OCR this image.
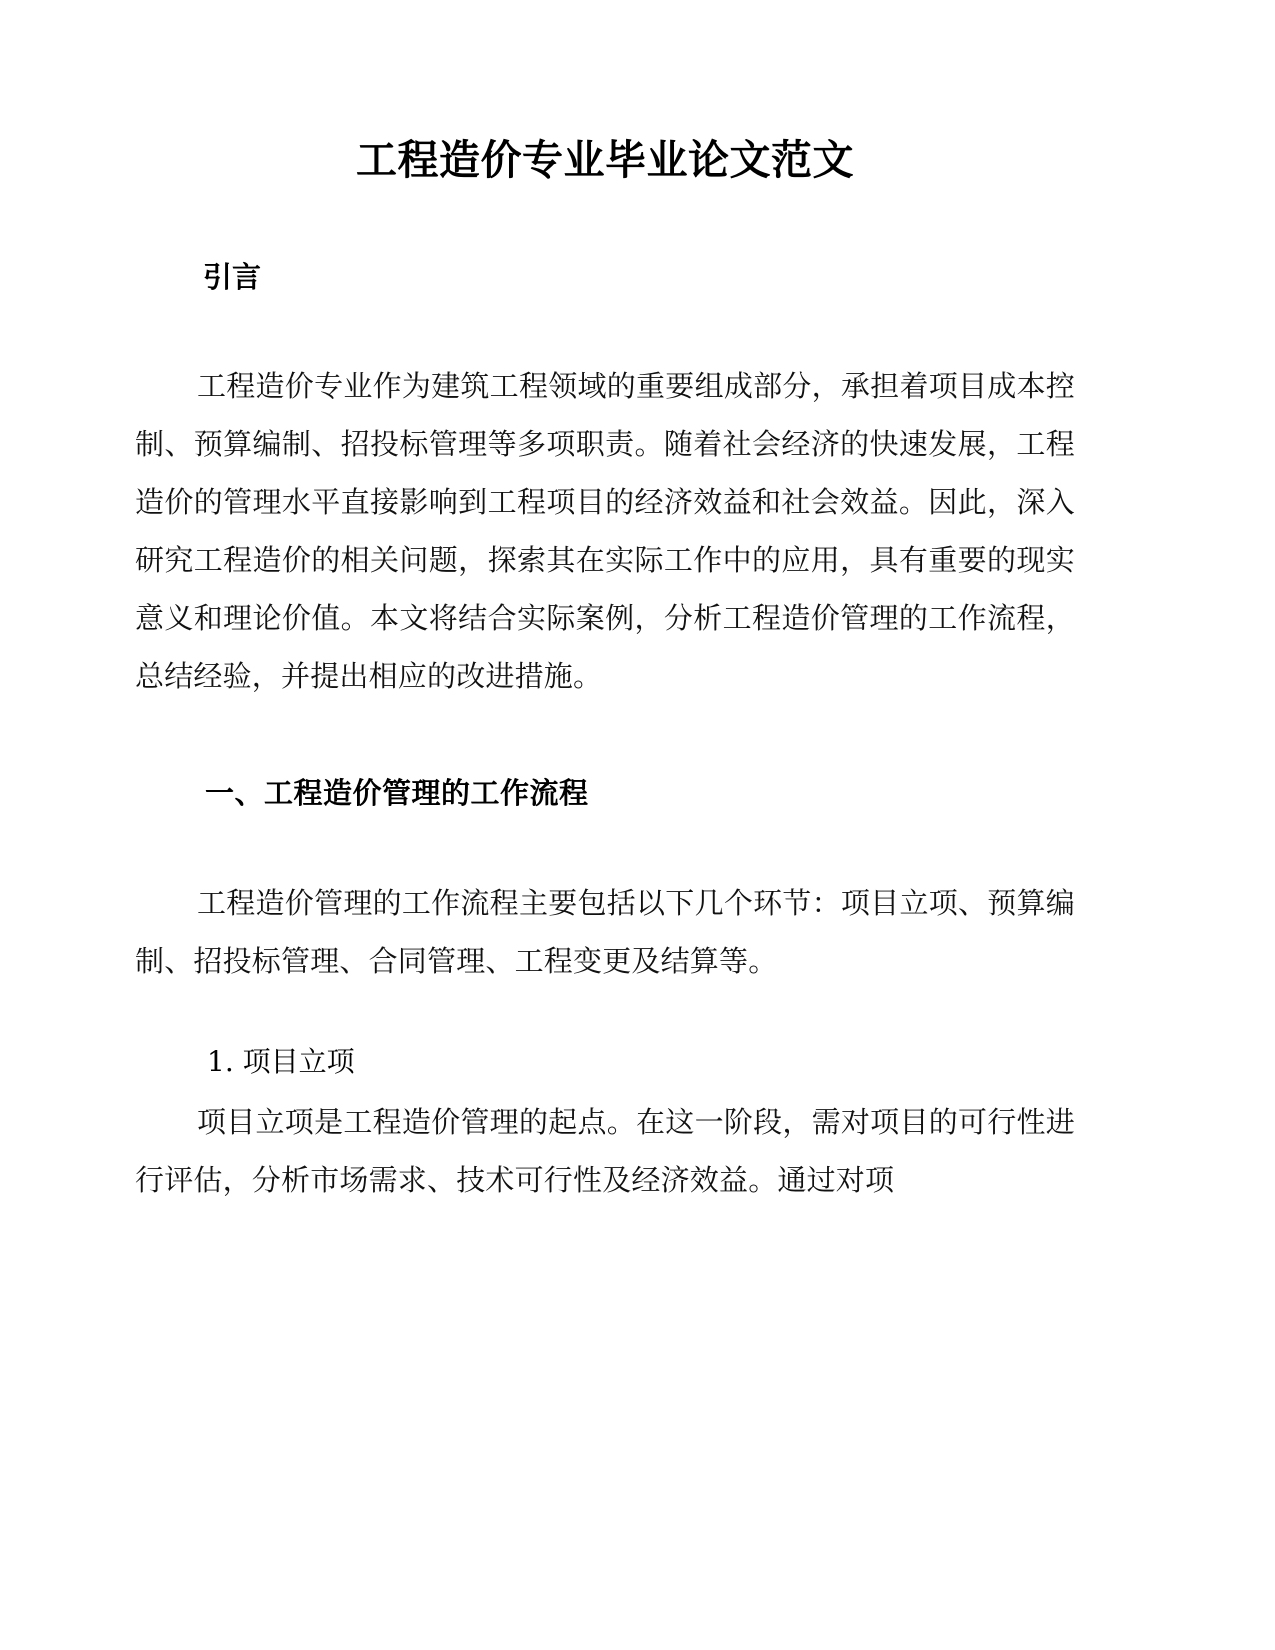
工程造价专业毕业论文范文
引言

工程造价专业作为建筑工程领域的重要组成部分，承担着项目成本控制、预算编制、招投标管理等多项职责。随着社会经济的快速发展，工程造价的管理水平直接影响到工程项目的经济效益和社会效益。因此，深入研究工程造价的相关问题，探索其在实际工作中的应用，具有重要的现实意义和理论价值。本文将结合实际案例，分析工程造价管理的工作流程，总结经验，并提出相应的改进措施。

一、工程造价管理的工作流程

工程造价管理的工作流程主要包括以下几个环节：项目立项、预算编制、招投标管理、合同管理、工程变更及结算等。

1. 项目立项

项目立项是工程造价管理的起点。在这一阶段，需对项目的可行性进行评估，分析市场需求、技术可行性及经济效益。通过对项
